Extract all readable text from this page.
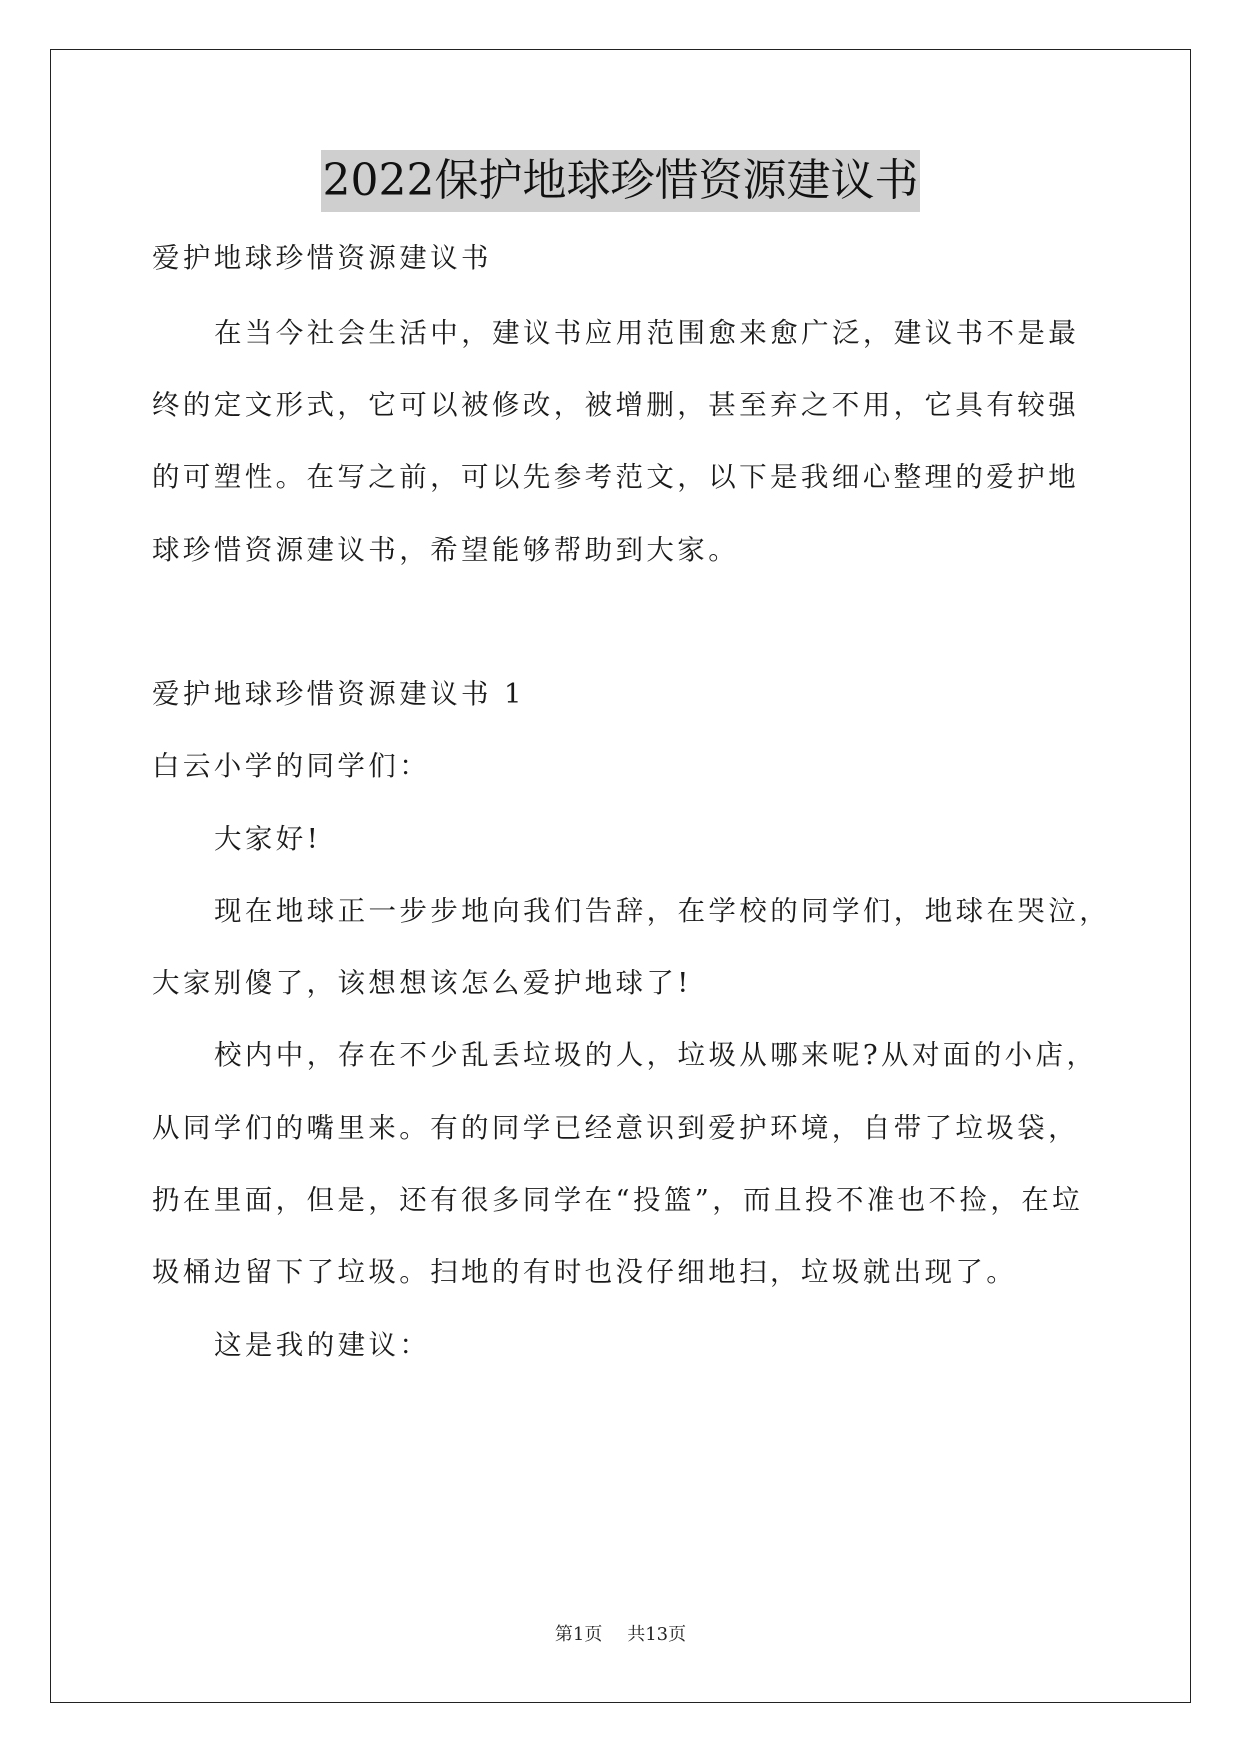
2022保护地球珍惜资源建议书
爱护地球珍惜资源建议书
在当今社会生活中，建议书应用范围愈来愈广泛，建议书不是最
终的定文形式，它可以被修改，被增删，甚至弃之不用，它具有较强
的可塑性。在写之前，可以先参考范文，以下是我细心整理的爱护地
球珍惜资源建议书，希望能够帮助到大家。
爱护地球珍惜资源建议书 1
白云小学的同学们：
大家好!
现在地球正一步步地向我们告辞，在学校的同学们，地球在哭泣，
大家别傻了，该想想该怎么爱护地球了!
校内中，存在不少乱丢垃圾的人，垃圾从哪来呢?从对面的小店，
从同学们的嘴里来。有的同学已经意识到爱护环境，自带了垃圾袋，
扔在里面，但是，还有很多同学在“投篮”，而且投不准也不捡，在垃
圾桶边留下了垃圾。扫地的有时也没仔细地扫，垃圾就出现了。
这是我的建议：
第1页 共13页
